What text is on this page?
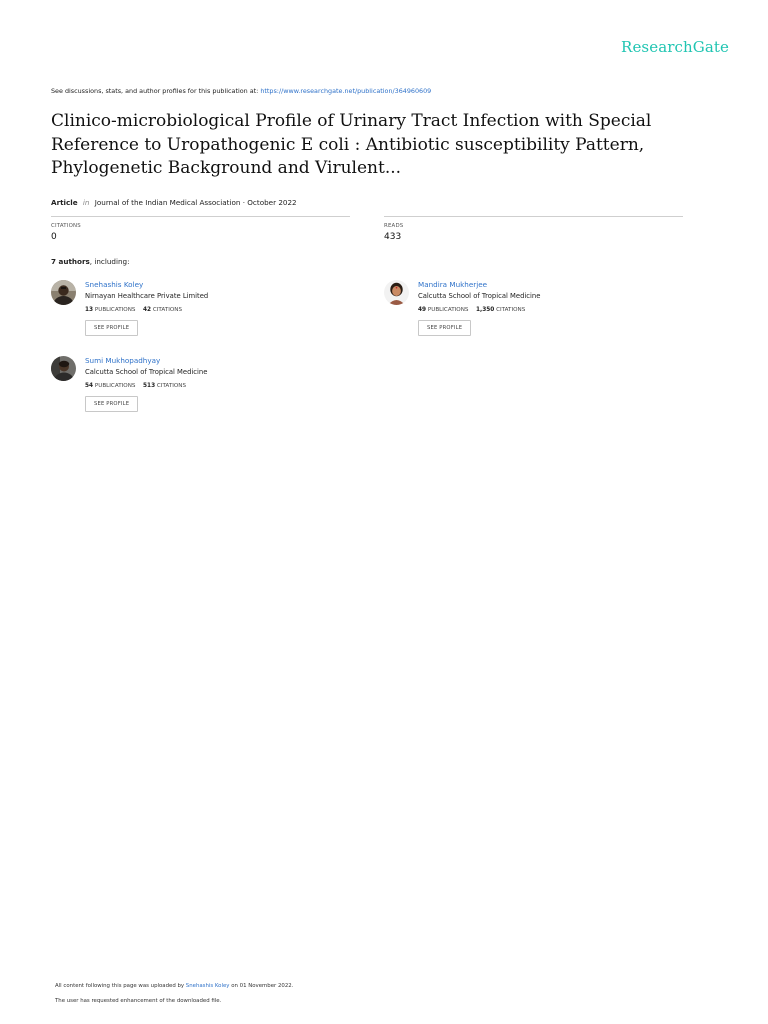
ResearchGate
See discussions, stats, and author profiles for this publication at: https://www.researchgate.net/publication/364960609
Clinico-microbiological Profile of Urinary Tract Infection with Special Reference to Uropathogenic E coli : Antibiotic susceptibility Pattern, Phylogenetic Background and Virulent...
Article in Journal of the Indian Medical Association · October 2022
CITATIONS
0
READS
433
7 authors, including:
Snehashis Koley
Nirnayan Healthcare Private Limited
13 PUBLICATIONS 42 CITATIONS
SEE PROFILE
Mandira Mukherjee
Calcutta School of Tropical Medicine
49 PUBLICATIONS 1,350 CITATIONS
SEE PROFILE
Sumi Mukhopadhyay
Calcutta School of Tropical Medicine
54 PUBLICATIONS 513 CITATIONS
SEE PROFILE
All content following this page was uploaded by Snehashis Koley on 01 November 2022.
The user has requested enhancement of the downloaded file.
